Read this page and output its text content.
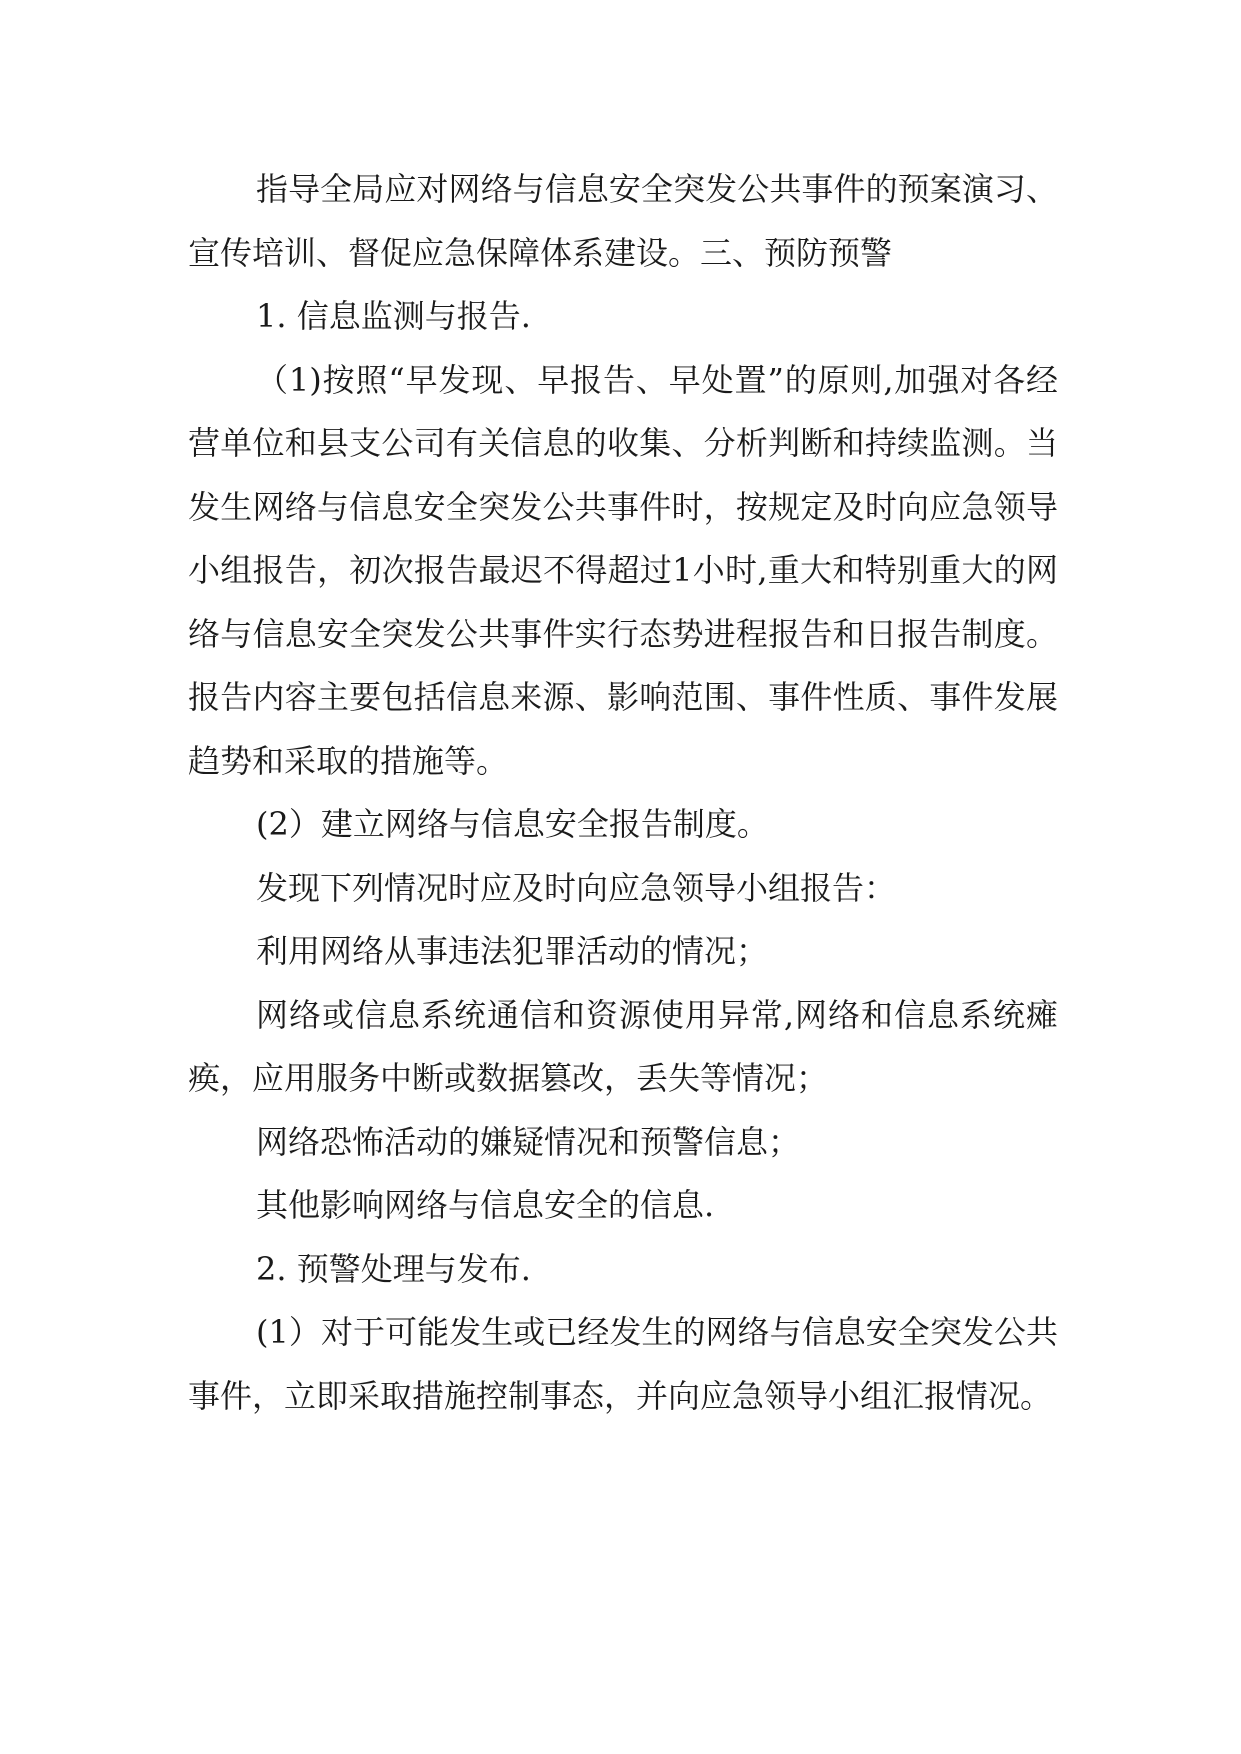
指导全局应对网络与信息安全突发公共事件的预案演习、宣传培训、督促应急保障体系建设。三、预防预警

1. 信息监测与报告.

（1)按照“早发现、早报告、早处置”的原则,加强对各经营单位和县支公司有关信息的收集、分析判断和持续监测。当发生网络与信息安全突发公共事件时，按规定及时向应急领导小组报告，初次报告最迟不得超过1小时,重大和特别重大的网络与信息安全突发公共事件实行态势进程报告和日报告制度。报告内容主要包括信息来源、影响范围、事件性质、事件发展趋势和采取的措施等。

(2）建立网络与信息安全报告制度。

发现下列情况时应及时向应急领导小组报告：

利用网络从事违法犯罪活动的情况；

网络或信息系统通信和资源使用异常,网络和信息系统瘫痪，应用服务中断或数据篡改，丢失等情况；

网络恐怖活动的嫌疑情况和预警信息；

其他影响网络与信息安全的信息.

2. 预警处理与发布.

(1）对于可能发生或已经发生的网络与信息安全突发公共事件，立即采取措施控制事态，并向应急领导小组汇报情况。
